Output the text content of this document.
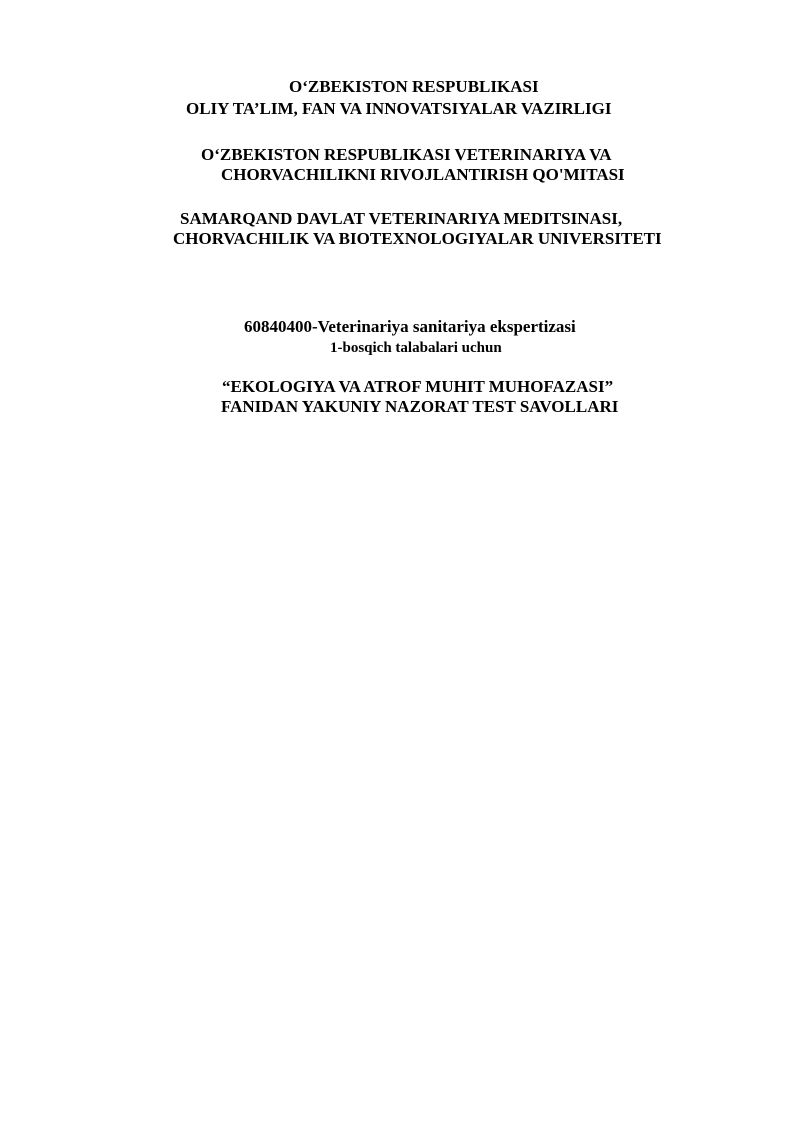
O‘ZBEKISTON RESPUBLIKASI
OLIY TA’LIM, FAN VA INNOVATSIYALAR VAZIRLIGI
O‘ZBEKISTON RESPUBLIKASI VETERINARIYA VA
CHORVACHILIKNI RIVOJLANTIRISH QO'MITASI
SAMARQAND DAVLAT VETERINARIYA MEDITSINASI,
CHORVACHILIK VA BIOTEXNOLOGIYALAR UNIVERSITETI
60840400-Veterinariya sanitariya ekspertizasi
1-bosqich talabalari uchun
“EKOLOGIYA VA ATROF MUHIT MUHOFAZASI”
FANIDAN YAKUNIY NAZORAT TEST SAVOLLARI
